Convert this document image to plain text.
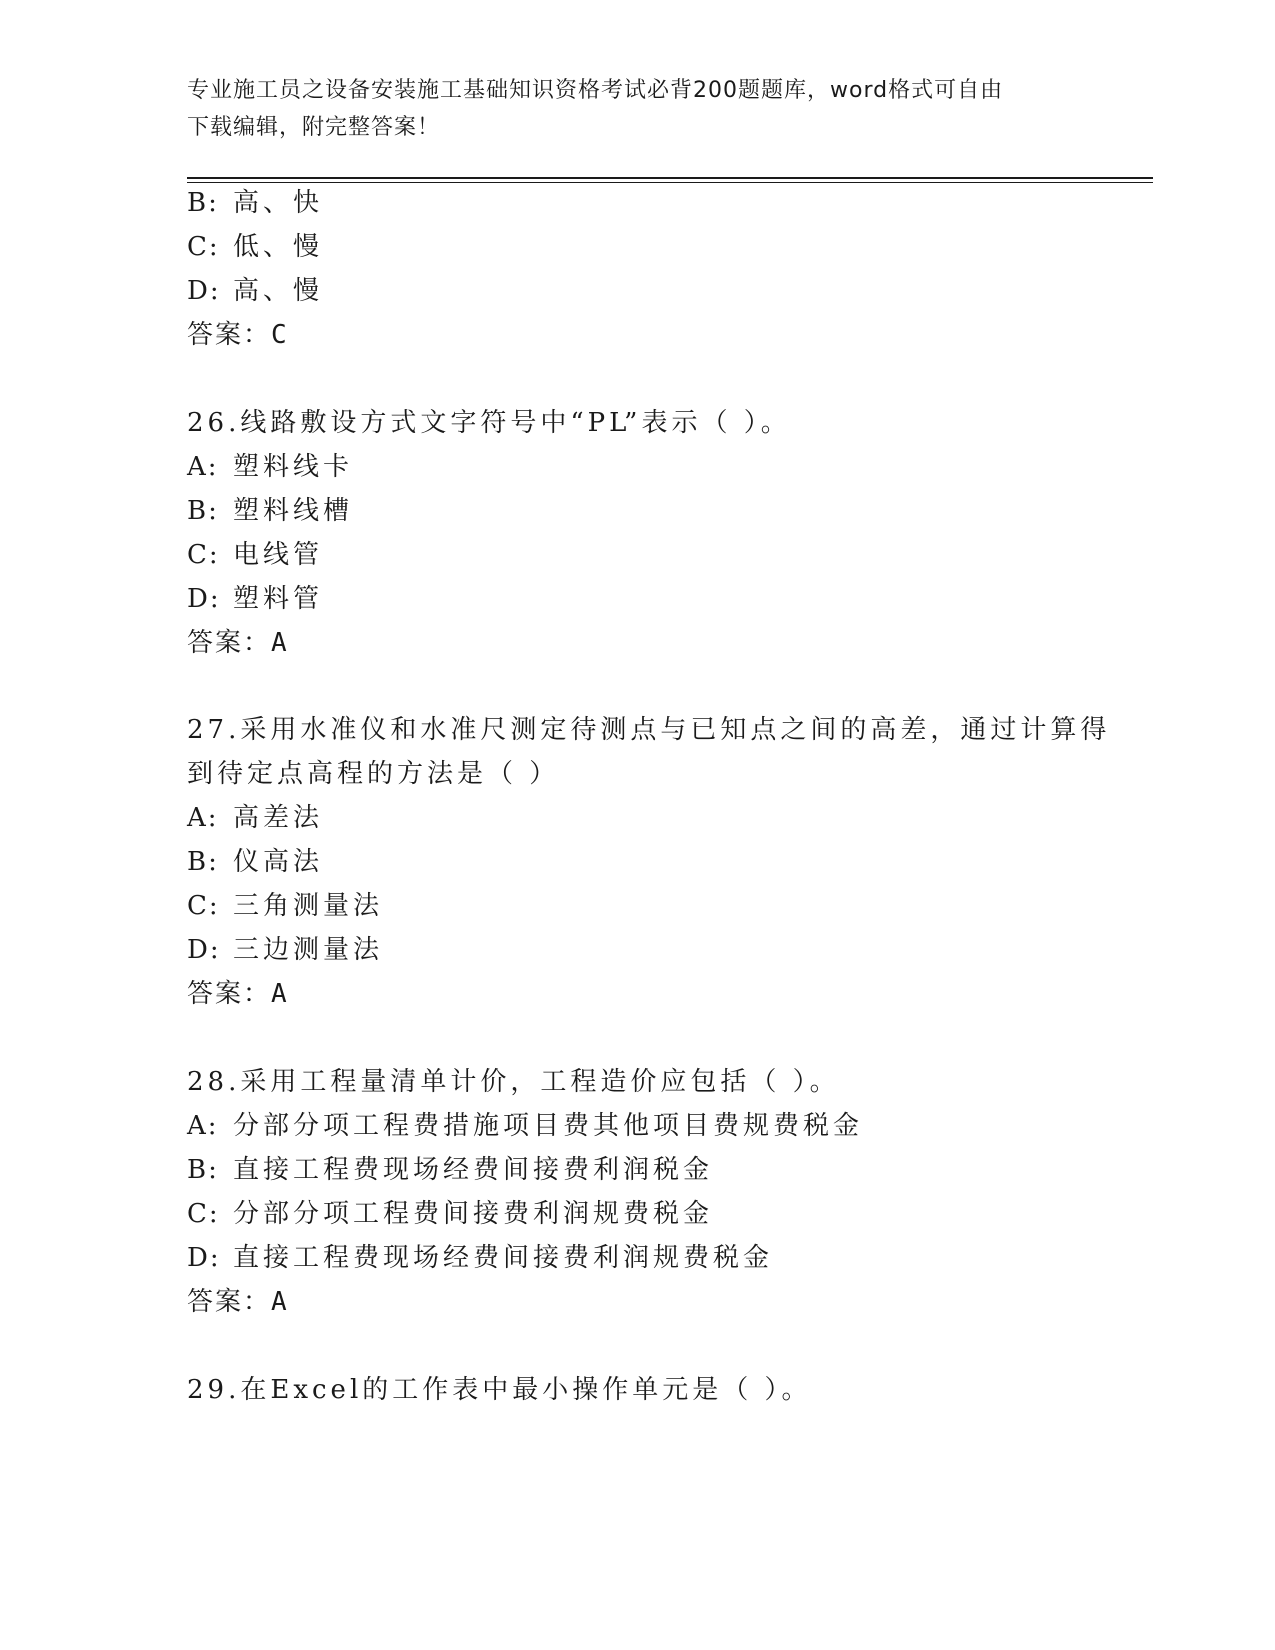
专业施工员之设备安装施工基础知识资格考试必背200题题库，word格式可自由
下载编辑，附完整答案！
B: 高、快
C: 低、慢
D: 高、慢
答案：C
26.线路敷设方式文字符号中“PL”表示（ ）。
A: 塑料线卡
B: 塑料线槽
C: 电线管
D: 塑料管
答案：A
27.采用水准仪和水准尺测定待测点与已知点之间的高差，通过计算得
到待定点高程的方法是（ ）
A: 高差法
B: 仪高法
C: 三角测量法
D: 三边测量法
答案：A
28.采用工程量清单计价，工程造价应包括（ ）。
A: 分部分项工程费措施项目费其他项目费规费税金
B: 直接工程费现场经费间接费利润税金
C: 分部分项工程费间接费利润规费税金
D: 直接工程费现场经费间接费利润规费税金
答案：A
29.在Excel的工作表中最小操作单元是（ ）。
